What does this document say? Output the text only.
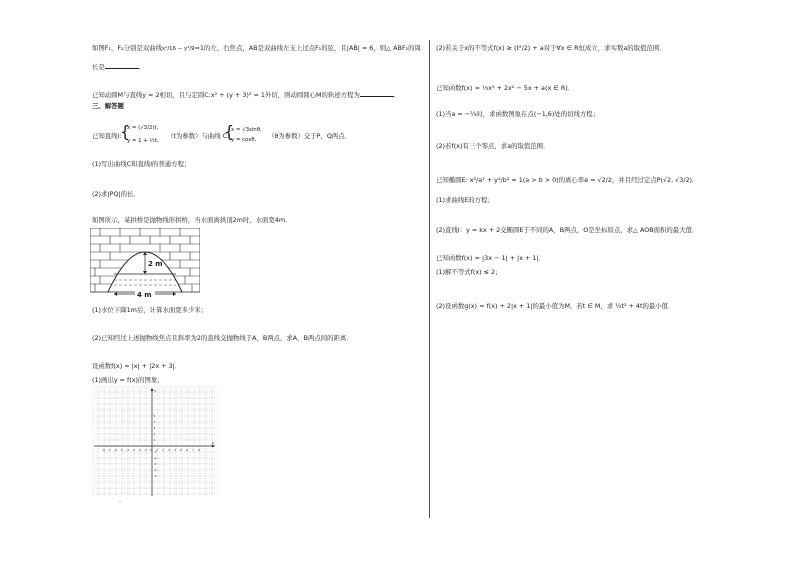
如图F₁，F₂分别是双曲线x²/16 − y²/9=1的左、右焦点，AB是双曲线左支上过点F₁的弦，且|AB| = 6，则△ ABF₂的周
长是	．
已知动圆M与直线y = 2相切，且与定圆C:x² + (y + 3)² = 1外切，则动圆圆心M的轨迹方程为	．
三、解答题
已知直线l:
{
x = (√3/2)t,
y = 1 + ½t,
（t为参数）与曲线 C:
{
x = √3sinθ,
y = cosθ, （θ为参数）交于P，Q两点．
(1)写出曲线C和直线l的普通方程；
(2)求|PQ|的长．
如图所示，某拱桥是抛物线形拱桥，当水面离拱顶2m时，水面宽4m．
2 m
4 m
(1)水位下降1m后，计算水面宽多少米；
(2)已知经过上述抛物线焦点且斜率为2的直线交抛物线于A，B两点，求A，B两点间的距离．
设函数f(x) = |x| + |2x + 3|．
(1)画出y = f(x)的图象；
-8 -7 -6 -5 -4 -3 -2 -1 O 1 2 3 4 5 6 7 8
5
4
3
2
1
-1
-2
-3
-4
-5
x
y
·
(2)若关于x的不等式f(x) ≥ (t²/2) + a对于∀x ∈ R恒成立，求实数a的取值范围．
已知函数f(x) = ⅓x³ + 2x² − 5x + a(x ∈ R)．
(1)当a = −⅔时，求函数图象在点(−1,6)处的切线方程；
(2)若f(x)有三个零点，求a的取值范围．
已知椭圆E: x²/a² + y²/b² = 1(a > b > 0)的离心率e = √2/2，并且经过定点P(√2, √3/2)．
(1)求曲线E的方程；
(2)直线l：y = kx + 2交椭圆E于不同的A，B两点，O是坐标原点，求△ AOB面积的最大值．
已知函数f(x) = |3x − 1| + |x + 1|．
(1)解不等式f(x) ≤ 2；
(2)设函数g(x) = f(x) + 2|x + 1|的最小值为M，若t ∈ M，求 ½t² + 4t的最小值．
